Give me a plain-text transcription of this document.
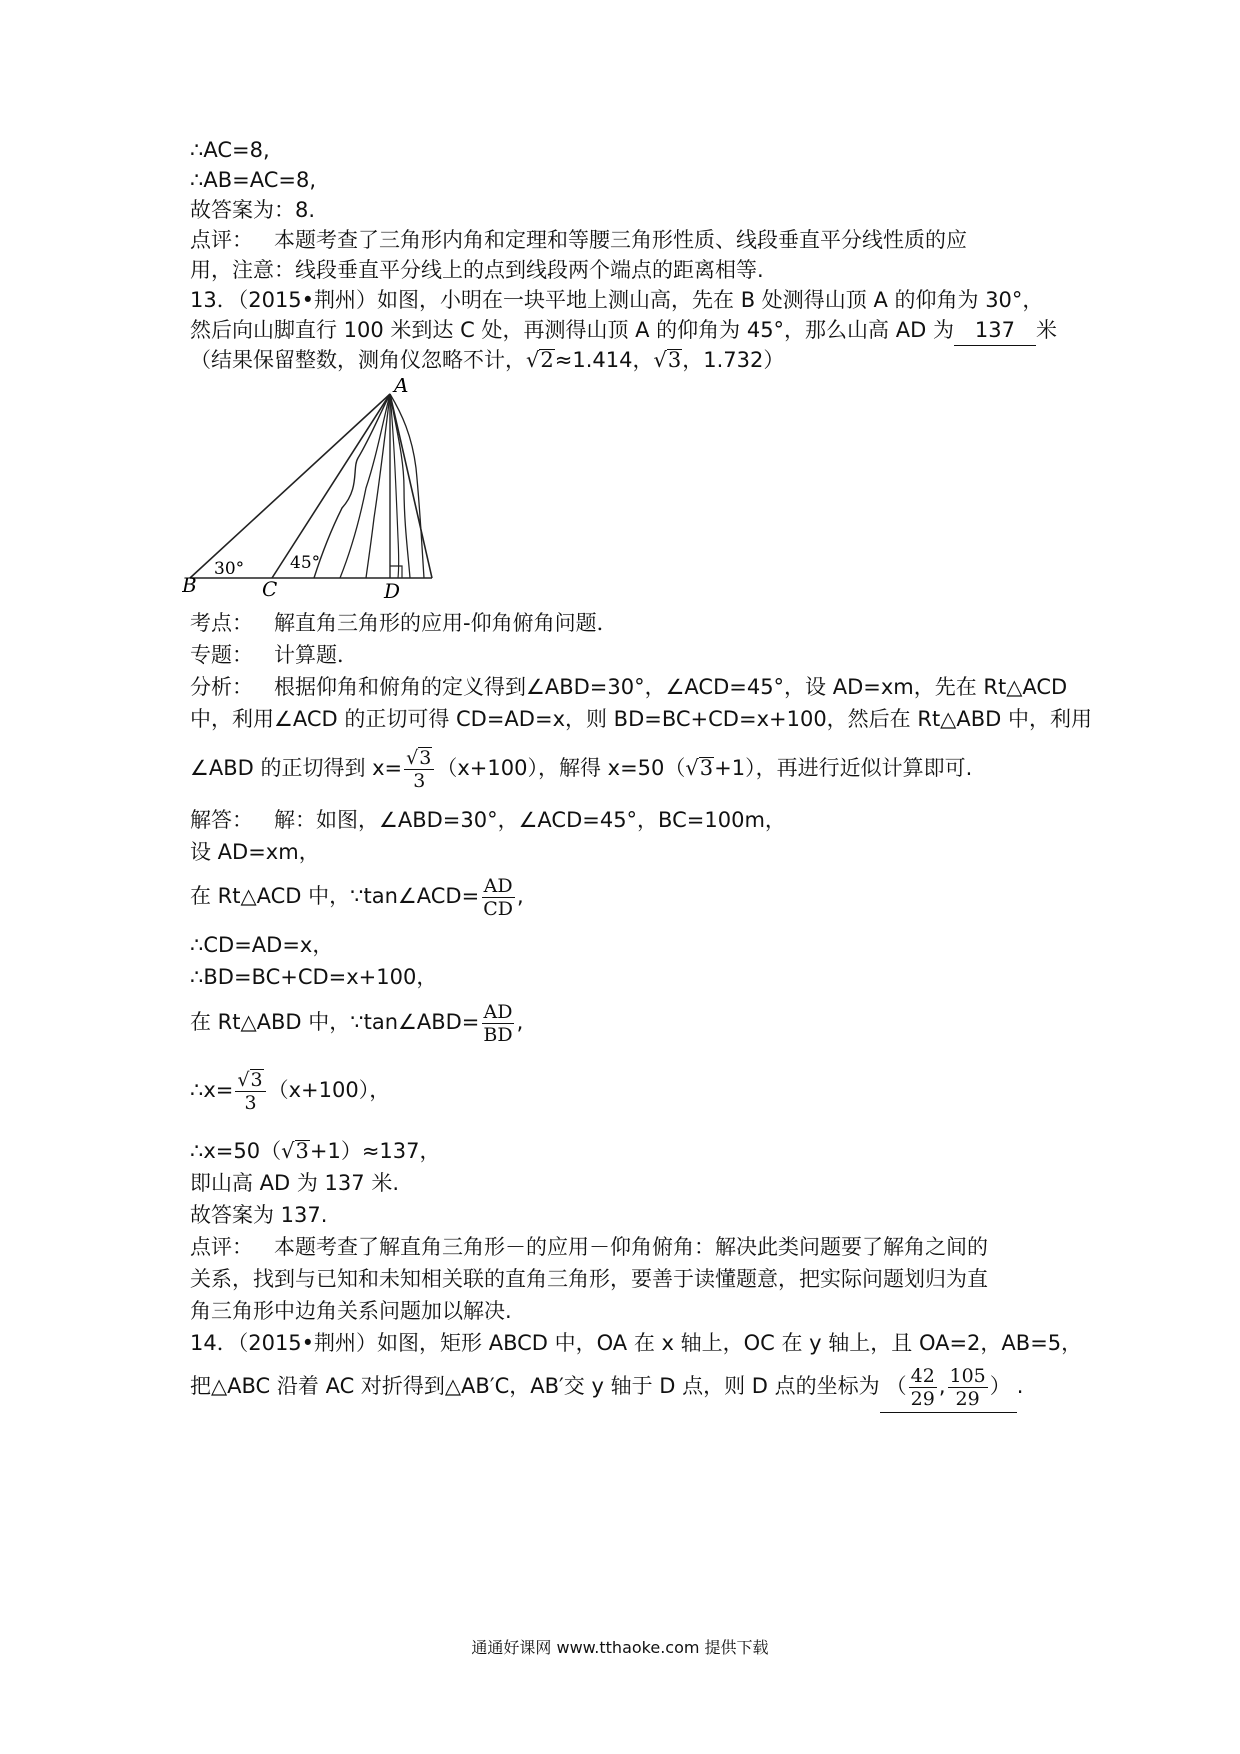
∴AC=8,
∴AB=AC=8,
故答案为：8.
点评： 本题考查了三角形内角和定理和等腰三角形性质、线段垂直平分线性质的应
用，注意：线段垂直平分线上的点到线段两个端点的距离相等.
13．（2015•荆州）如图，小明在一块平地上测山高，先在 B 处测得山顶 A 的仰角为 30°，
然后向山脚直行 100 米到达 C 处，再测得山顶 A 的仰角为 45°，那么山高 AD 为 137 米
（结果保留整数，测角仪忽略不计，√2≈1.414，√3，1.732）
A
B	C	D
30°	45°
考点： 解直角三角形的应用-仰角俯角问题．
专题： 计算题．
分析： 根据仰角和俯角的定义得到∠ABD=30°，∠ACD=45°，设 AD=xm，先在 Rt△ACD
中，利用∠ACD 的正切可得 CD=AD=x，则 BD=BC+CD=x+100，然后在 Rt△ABD 中，利用
∠ABD 的正切得到 $x= \frac{√3}{3} (x+100)$，解得 x=50（√3+1），再进行近似计算即可.
解答： 解：如图，∠ABD=30°，∠ACD=45°，BC=100m，
设 AD=xm，
在 Rt△ACD 中，∵tan∠ACD= $\frac{AD}{CD}$ ,
∴CD=AD=x，
∴BD=BC+CD=x+100，
在 Rt△ABD 中，∵tan∠ABD= $\frac{AD}{BD}$ ,
∴x= $\frac{√3}{3} (x+100)$，
∴x=50（√3+1）≈137，
即山高 AD 为 137 米.
故答案为 137.
点评： 本题考查了解直角三角形－的应用－仰角俯角：解决此类问题要了解角之间的
关系，找到与已知和未知相关联的直角三角形，要善于读懂题意，把实际问题划归为直
角三角形中边角关系问题加以解决.
14．（2015•荆州）如图，矩形 ABCD 中，OA 在 x 轴上，OC 在 y 轴上，且 OA=2，AB=5，
把△ABC 沿着 AC 对折得到△AB′C，AB′交 y 轴于 D 点，则 D 点的坐标为 （ $\frac{42}{29}$ , $\frac{105}{29}$ ） .
通通好课网 www.tthaoke.com 提供下载
